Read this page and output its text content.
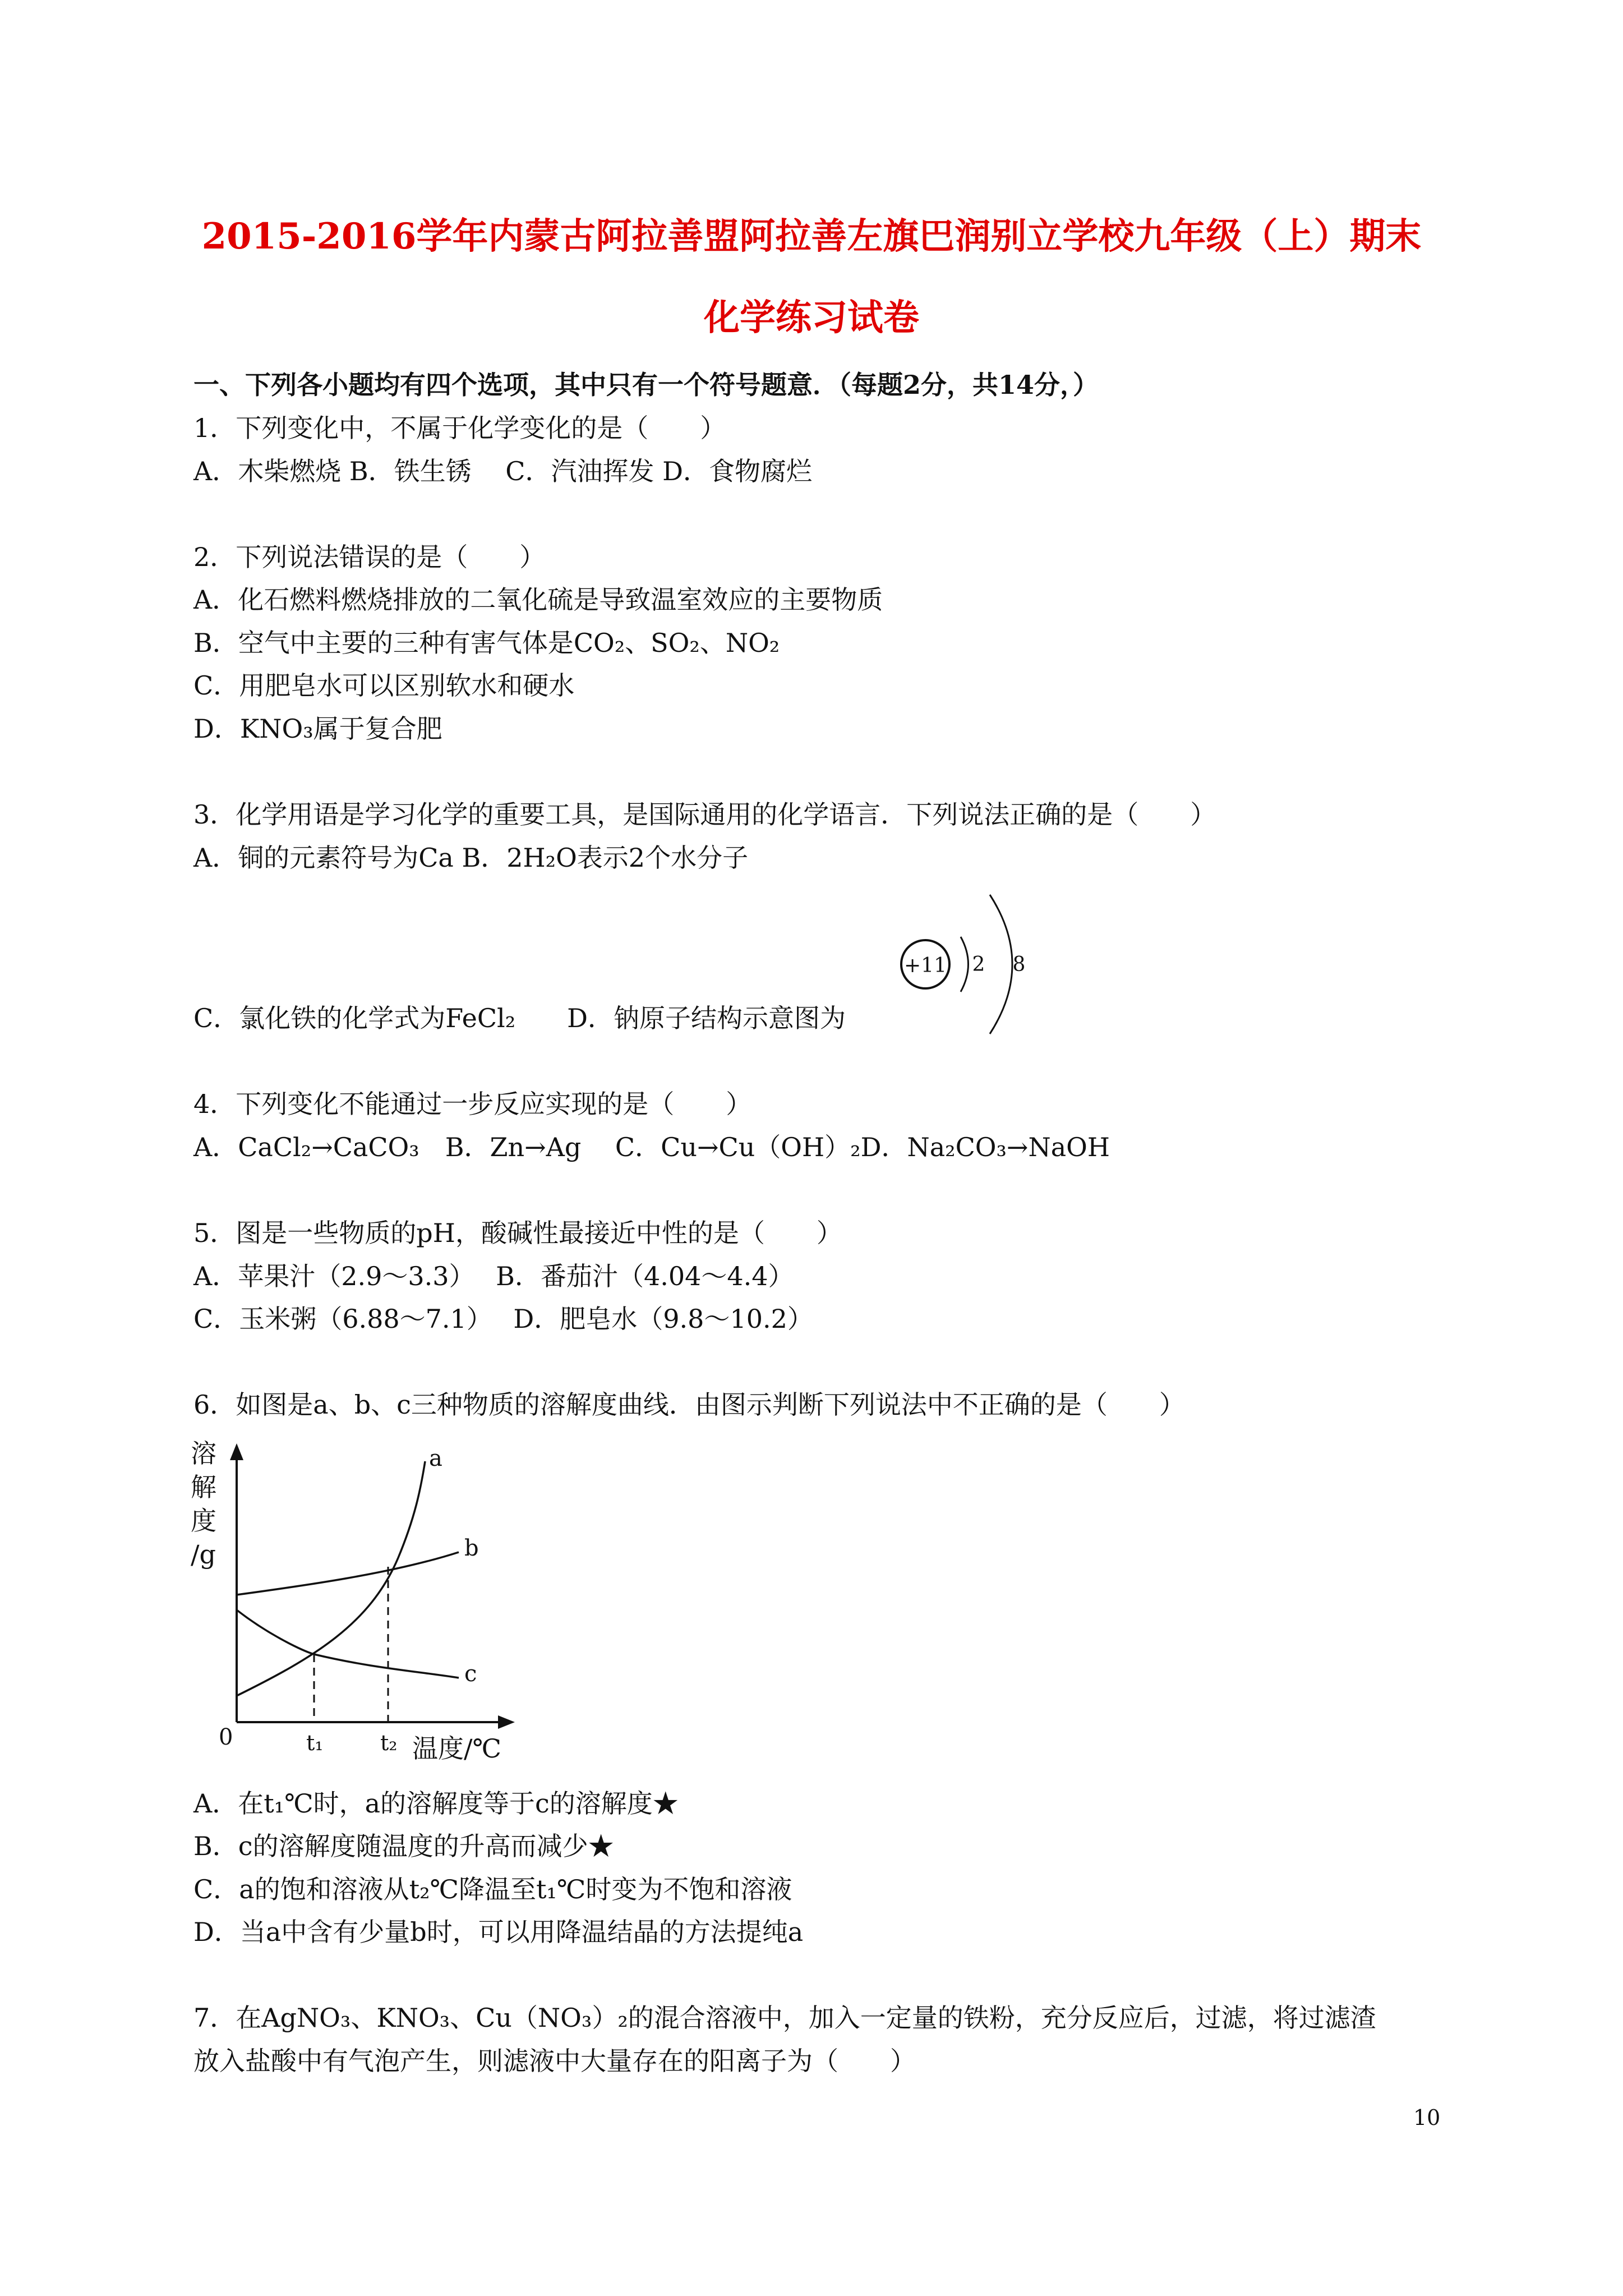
2015-2016学年内蒙古阿拉善盟阿拉善左旗巴润别立学校九年级（上）期末
化学练习试卷
一、下列各小题均有四个选项，其中只有一个符号题意．（每题2分，共14分，）
1．下列变化中，不属于化学变化的是（　　）
A．木柴燃烧 B．铁生锈　 C．汽油挥发 D．食物腐烂
2．下列说法错误的是（　　）
A．化石燃料燃烧排放的二氧化硫是导致温室效应的主要物质
B．空气中主要的三种有害气体是CO₂、SO₂、NO₂
C．用肥皂水可以区别软水和硬水
D．KNO₃属于复合肥
3．化学用语是学习化学的重要工具，是国际通用的化学语言．下列说法正确的是（　　）
A．铜的元素符号为Ca B．2H₂O表示2个水分子
+11 2 8
C．氯化铁的化学式为FeCl₂　　D．钠原子结构示意图为
4．下列变化不能通过一步反应实现的是（　　）
A．CaCl₂→CaCO₃　B．Zn→Ag　 C．Cu→Cu（OH）₂D．Na₂CO₃→NaOH
5．图是一些物质的pH，酸碱性最接近中性的是（　　）
A．苹果汁（2.9～3.3）　 B．番茄汁（4.04～4.4）
C．玉米粥（6.88～7.1）　 D．肥皂水（9.8～10.2）
6．如图是a、b、c三种物质的溶解度曲线．由图示判断下列说法中不正确的是（　　）
溶解度/g
0
a
b
c
t₁	t₂ 温度/℃
A．在t₁℃时，a的溶解度等于c的溶解度★
B．c的溶解度随温度的升高而减少★
C．a的饱和溶液从t₂℃降温至t₁℃时变为不饱和溶液
D．当a中含有少量b时，可以用降温结晶的方法提纯a
7．在AgNO₃、KNO₃、Cu（NO₃）₂的混合溶液中，加入一定量的铁粉，充分反应后，过滤，将过滤渣
放入盐酸中有气泡产生，则滤液中大量存在的阳离子为（　　）
10
